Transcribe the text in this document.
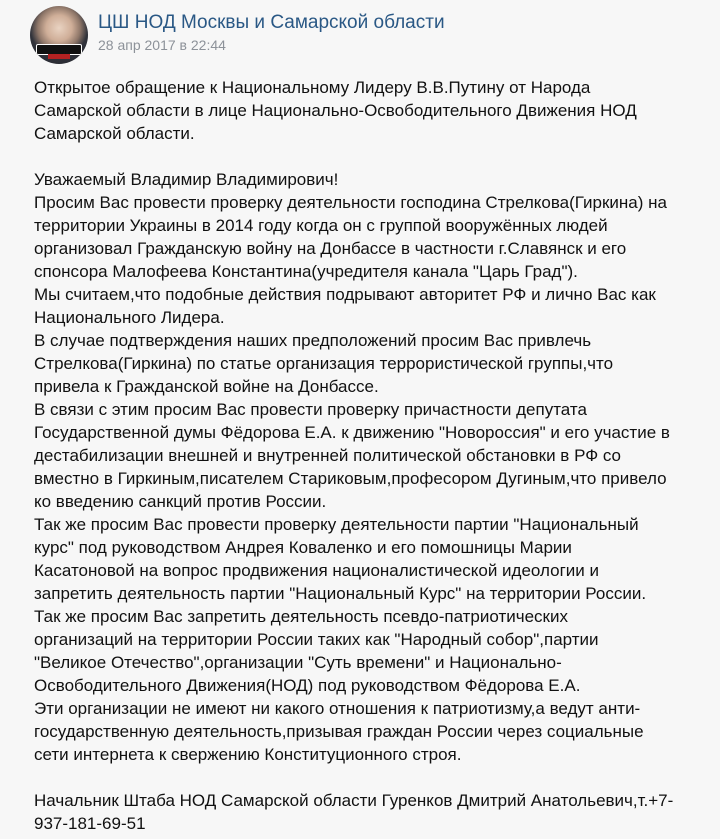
ЦШ НОД Москвы и Самарской области
28 апр 2017 в 22:44

Открытое обращение к Национальному Лидеру В.В.Путину от Народа

Самарской области в лице Национально-Освободительного Движения НОД

Самарской области.

Уважаемый Владимир Владимирович!

Просим Вас провести проверку деятельности господина Стрелкова(Гиркина) на

территории Украины в 2014 году когда он с группой вооружённых людей

организовал Гражданскую войну на Донбассе в частности г.Славянск и его

спонсора Малофеева Константина(учредителя канала "Царь Град").

Мы считаем,что подобные действия подрывают авторитет РФ и лично Вас как

Национального Лидера.

В случае подтверждения наших предположений просим Вас привлечь

Стрелкова(Гиркина) по статье организация террористической группы,что

привела к Гражданской войне на Донбассе.

В связи с этим просим Вас провести проверку причастности депутата

Государственной думы Фёдорова Е.А. к движению "Новороссия" и его участие в

дестабилизации внешней и внутренней политической обстановки в РФ со

вместно в Гиркиным,писателем Стариковым,професором Дугиным,что привело

ко введению санкций против России.

Так же просим Вас провести проверку деятельности партии "Национальный

курс" под руководством Андрея Коваленко и его помошницы Марии

Касатоновой на вопрос продвижения националистической идеологии и

запретить деятельность партии "Национальный Курс" на территории России.

Так же просим Вас запретить деятельность псевдо-патриотических

организаций на территории России таких как "Народный собор",партии

"Великое Отечество",организации "Суть времени" и Национально-

Освободительного Движения(НОД) под руководством Фёдорова Е.А.

Эти организации не имеют ни какого отношения к патриотизму,а ведут анти-

государственную деятельность,призывая граждан России через социальные

сети интернета к свержению Конституционного строя.

Начальник Штаба НОД Самарской области Гуренков Дмитрий Анатольевич,т.+7-

937-181-69-51
